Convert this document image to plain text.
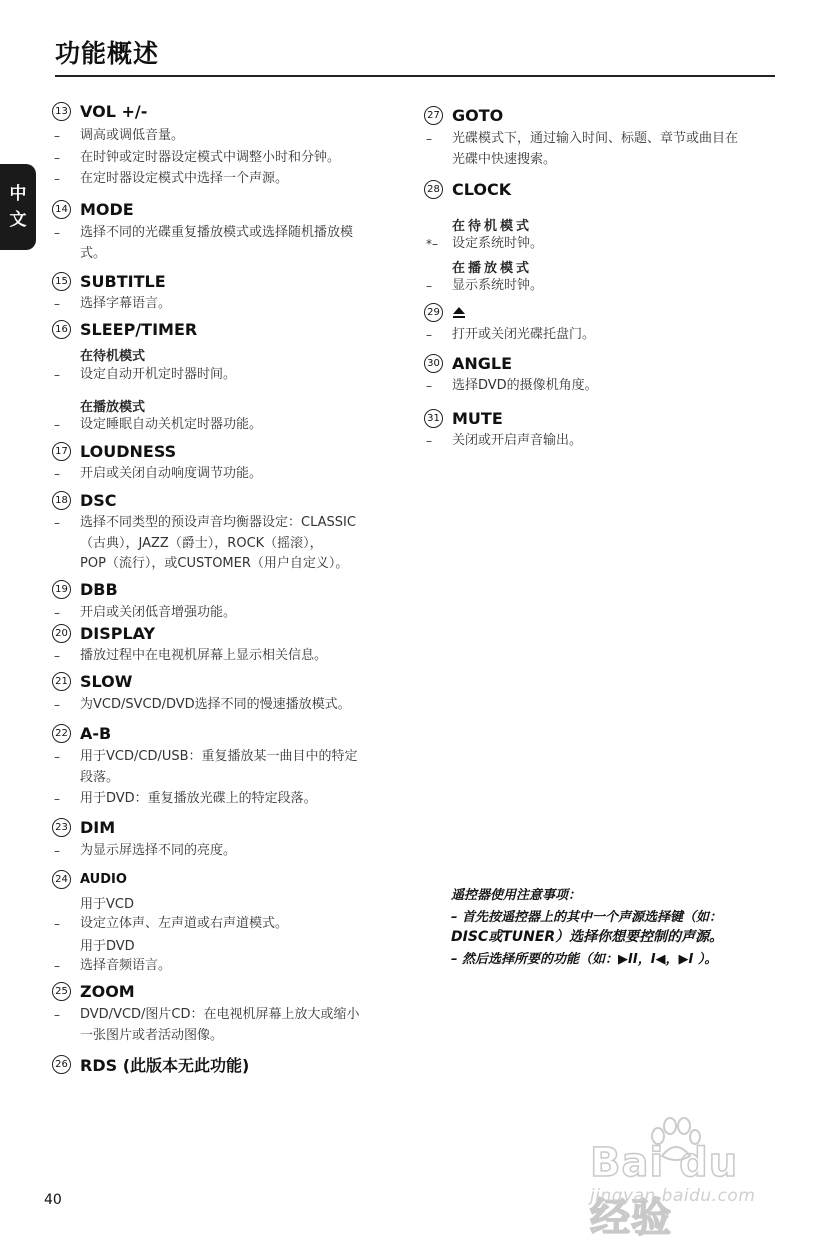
功能概述
中
文
13 VOL +/-
– 调高或调低音量。
– 在时钟或定时器设定模式中调整小时和分钟。
– 在定时器设定模式中选择一个声源。
14 MODE
– 选择不同的光碟重复播放模式或选择随机播放模
式。
15 SUBTITLE
– 选择字幕语言。
16 SLEEP/TIMER
在待机模式
– 设定自动开机定时器时间。
在播放模式
– 设定睡眠自动关机定时器功能。
17 LOUDNESS
– 开启或关闭自动响度调节功能。
18 DSC
– 选择不同类型的预设声音均衡器设定：CLASSIC
（古典），JAZZ（爵士），ROCK（摇滚），
POP（流行），或CUSTOMER（用户自定义）。
19 DBB
– 开启或关闭低音增强功能。
20 DISPLAY
– 播放过程中在电视机屏幕上显示相关信息。
21 SLOW
– 为VCD/SVCD/DVD选择不同的慢速播放模式。
22 A-B
– 用于VCD/CD/USB：重复播放某一曲目中的特定
段落。
– 用于DVD：重复播放光碟上的特定段落。
23 DIM
– 为显示屏选择不同的亮度。
24 AUDIO
用于VCD
– 设定立体声、左声道或右声道模式。
用于DVD
– 选择音频语言。
25 ZOOM
– DVD/VCD/图片CD：在电视机屏幕上放大或缩小
一张图片或者活动图像。
26 RDS (此版本无此功能)
27 GOTO
– 光碟模式下，通过输入时间、标题、章节或曲目在
光碟中快速搜索。
28 CLOCK
在待机模式
*– 设定系统时钟。
在播放模式
– 显示系统时钟。
29
– 打开或关闭光碟托盘门。
30 ANGLE
– 选择DVD的摄像机角度。
31 MUTE
– 关闭或开启声音输出。
遥控器使用注意事项：
– 首先按遥控器上的其中一个声源选择键（如：
DISC或TUNER）选择你想要控制的声源。
– 然后选择所要的功能（如：▶II，I◀，▶I ）。
40
Bai du 经验
jingyan.baidu.com
